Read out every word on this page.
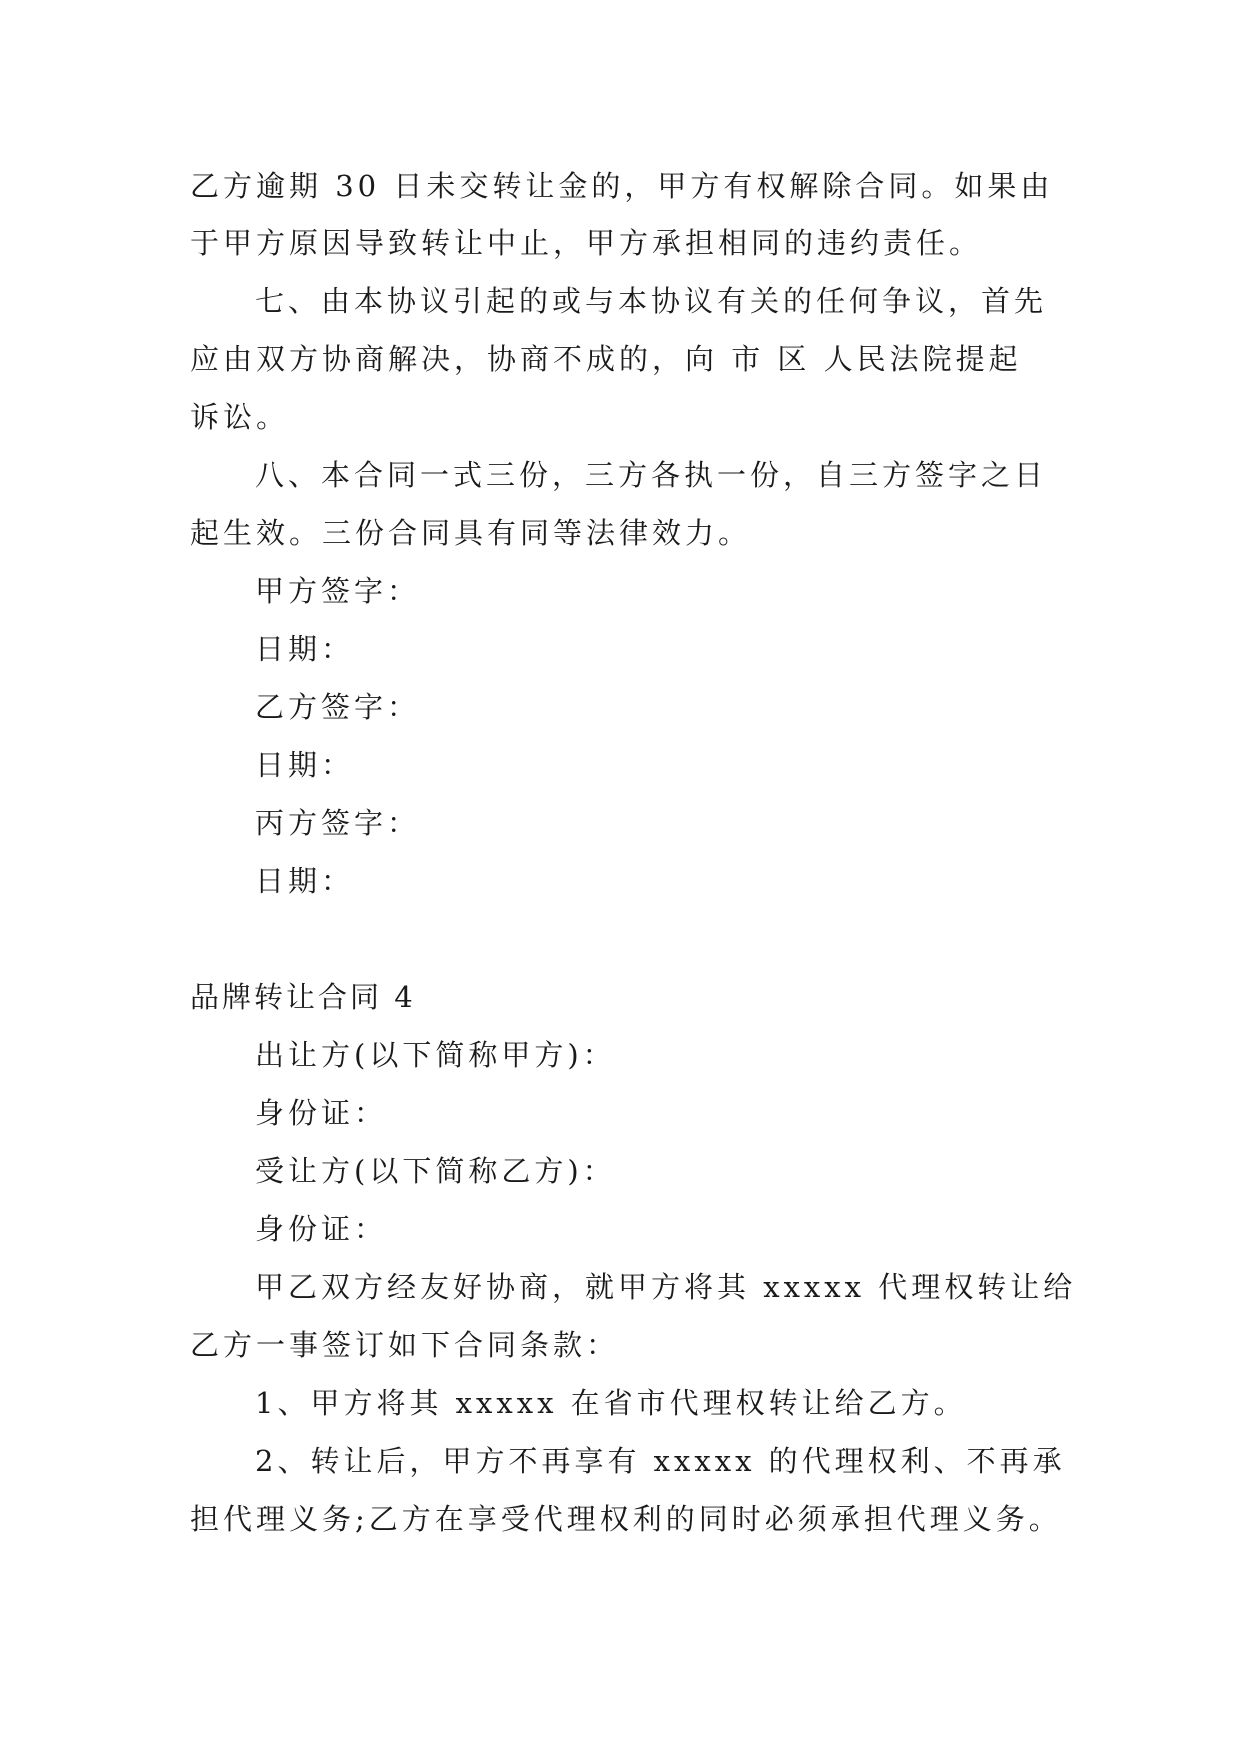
乙方逾期 30 日未交转让金的，甲方有权解除合同。如果由
于甲方原因导致转让中止，甲方承担相同的违约责任。
七、由本协议引起的或与本协议有关的任何争议，首先
应由双方协商解决，协商不成的，向 市 区 人民法院提起
诉讼。
八、本合同一式三份，三方各执一份，自三方签字之日
起生效。三份合同具有同等法律效力。
甲方签字：
日期：
乙方签字：
日期：
丙方签字：
日期：
品牌转让合同 4
出让方(以下简称甲方)：
身份证：
受让方(以下简称乙方)：
身份证：
甲乙双方经友好协商，就甲方将其 xxxxx 代理权转让给
乙方一事签订如下合同条款：
1、甲方将其 xxxxx 在省市代理权转让给乙方。
2、转让后，甲方不再享有 xxxxx 的代理权利、不再承
担代理义务;乙方在享受代理权利的同时必须承担代理义务。
